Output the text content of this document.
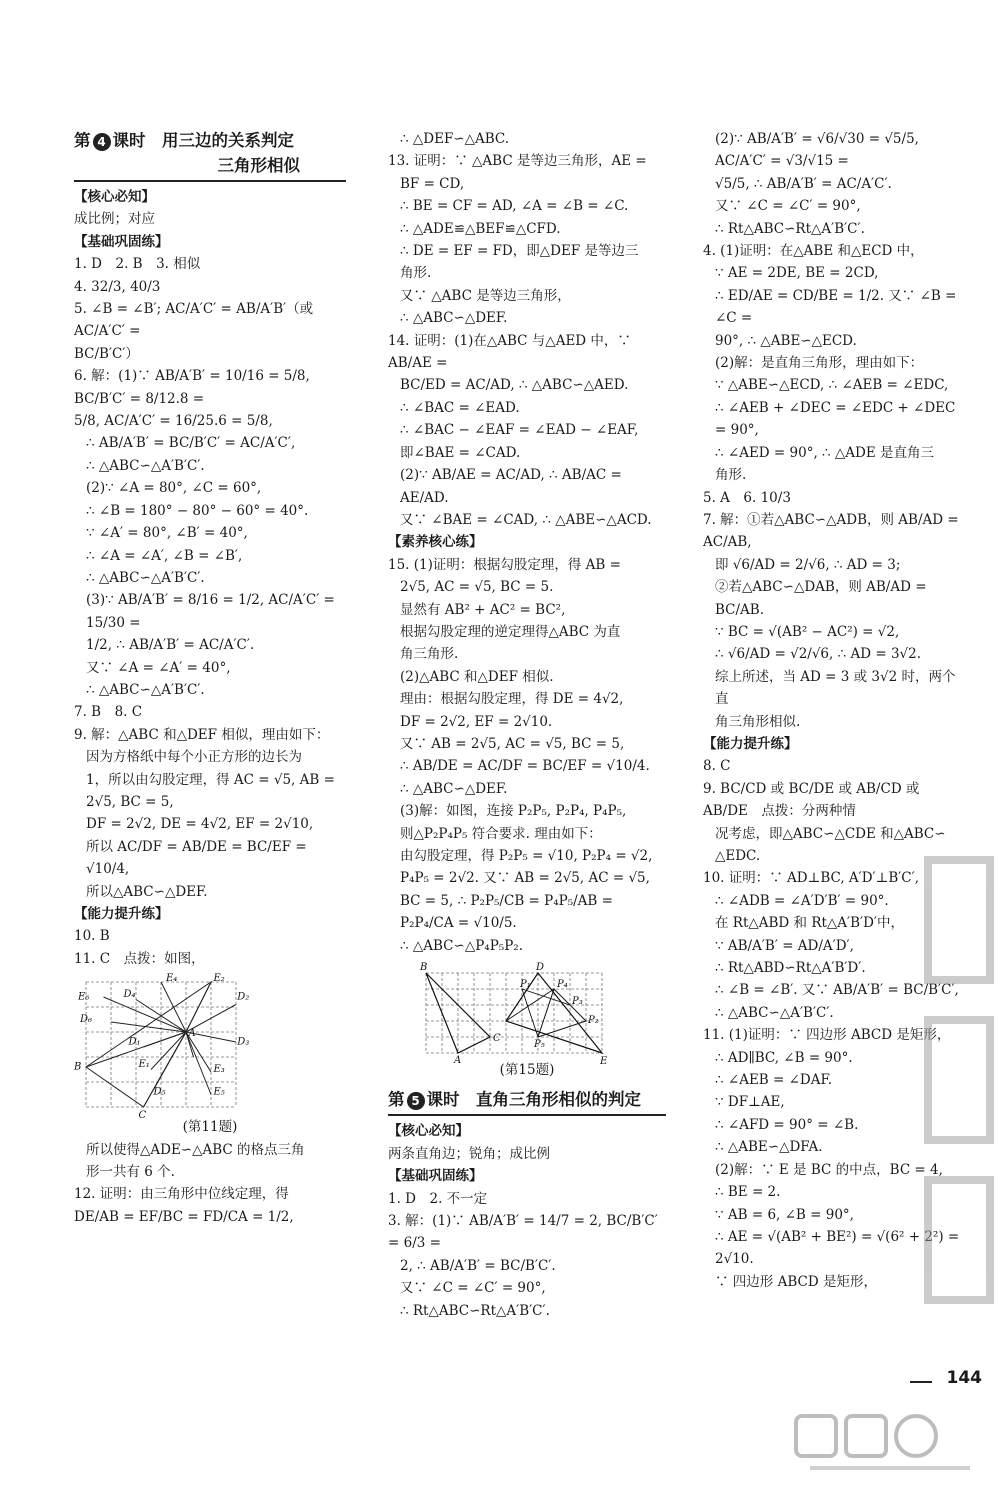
第 4 课时　用三边的关系判定
三角形相似
【核心必知】
成比例；对应
【基础巩固练】
1. D　2. B　3. 相似
4. 32/3, 40/3
5. ∠B = ∠B′; AC/A′C′ = AB/A′B′（或 AC/A′C′ =
BC/B′C′）
6. 解：(1)∵ AB/A′B′ = 10/16 = 5/8, BC/B′C′ = 8/12.8 =
5/8, AC/A′C′ = 16/25.6 = 5/8,
∴ AB/A′B′ = BC/B′C′ = AC/A′C′,
∴ △ABC∽△A′B′C′.
(2)∵ ∠A = 80°, ∠C = 60°,
∴ ∠B = 180° − 80° − 60° = 40°.
∵ ∠A′ = 80°, ∠B′ = 40°,
∴ ∠A = ∠A′, ∠B = ∠B′,
∴ △ABC∽△A′B′C′.
(3)∵ AB/A′B′ = 8/16 = 1/2, AC/A′C′ = 15/30 =
1/2, ∴ AB/A′B′ = AC/A′C′.
又∵ ∠A = ∠A′ = 40°,
∴ △ABC∽△A′B′C′.
7. B　8. C
9. 解：△ABC 和△DEF 相似，理由如下：
因为方格纸中每个小正方形的边长为
1，所以由勾股定理，得 AC = √5, AB =
2√5, BC = 5,
DF = 2√2, DE = 4√2, EF = 2√10,
所以 AC/DF = AB/DE = BC/EF = √10/4,
所以△ABC∽△DEF.
【能力提升练】
10. B
11. C　点拨：如图，
E₄	E₂
E₆	D₄	D₂
D₆
D₁	D₃
B
A
E₁	E₃
D₅	E₅
C
(第11题)
所以使得△ADE∽△ABC 的格点三角
形一共有 6 个.
12. 证明：由三角形中位线定理，得
DE/AB = EF/BC = FD/CA = 1/2,
∴ △DEF∽△ABC.
13. 证明：∵ △ABC 是等边三角形，AE =
BF = CD,
∴ BE = CF = AD, ∠A = ∠B = ∠C.
∴ △ADE≌△BEF≌△CFD.
∴ DE = EF = FD，即△DEF 是等边三
角形.
又∵ △ABC 是等边三角形，
∴ △ABC∽△DEF.
14. 证明：(1)在△ABC 与△AED 中，∵ AB/AE =
BC/ED = AC/AD, ∴ △ABC∽△AED.
∴ ∠BAC = ∠EAD.
∴ ∠BAC − ∠EAF = ∠EAD − ∠EAF,
即∠BAE = ∠CAD.
(2)∵ AB/AE = AC/AD, ∴ AB/AC = AE/AD.
又∵ ∠BAE = ∠CAD, ∴ △ABE∽△ACD.
【素养核心练】
15. (1)证明：根据勾股定理，得 AB =
2√5, AC = √5, BC = 5.
显然有 AB² + AC² = BC²,
根据勾股定理的逆定理得△ABC 为直
角三角形.
(2)△ABC 和△DEF 相似.
理由：根据勾股定理，得 DE = 4√2,
DF = 2√2, EF = 2√10.
又∵ AB = 2√5, AC = √5, BC = 5,
∴ AB/DE = AC/DF = BC/EF = √10/4.
∴ △ABC∽△DEF.
(3)解：如图，连接 P₂P₅, P₂P₄, P₄P₅,
则△P₂P₄P₅ 符合要求. 理由如下：
由勾股定理，得 P₂P₅ = √10, P₂P₄ = √2,
P₄P₅ = 2√2. 又∵ AB = 2√5, AC = √5,
BC = 5, ∴ P₂P₅/CB = P₄P₅/AB = P₂P₄/CA = √10/5.
∴ △ABC∽△P₄P₅P₂.
B	D
P₁
P₂
P₃
P₄
P₅
C
A	E
(第15题)
第 5 课时　直角三角形相似的判定
【核心必知】
两条直角边；锐角；成比例
【基础巩固练】
1. D　2. 不一定
3. 解：(1)∵ AB/A′B′ = 14/7 = 2, BC/B′C′ = 6/3 =
2, ∴ AB/A′B′ = BC/B′C′.
又∵ ∠C = ∠C′ = 90°,
∴ Rt△ABC∽Rt△A′B′C′.
(2)∵ AB/A′B′ = √6/√30 = √5/5, AC/A′C′ = √3/√15 =
√5/5, ∴ AB/A′B′ = AC/A′C′.
又∵ ∠C = ∠C′ = 90°,
∴ Rt△ABC∽Rt△A′B′C′.
4. (1)证明：在△ABE 和△ECD 中，
∵ AE = 2DE, BE = 2CD,
∴ ED/AE = CD/BE = 1/2. 又∵ ∠B = ∠C =
90°, ∴ △ABE∽△ECD.
(2)解：是直角三角形，理由如下：
∵ △ABE∽△ECD, ∴ ∠AEB = ∠EDC,
∴ ∠AEB + ∠DEC = ∠EDC + ∠DEC = 90°,
∴ ∠AED = 90°, ∴ △ADE 是直角三
角形.
5. A　6. 10/3
7. 解：①若△ABC∽△ADB，则 AB/AD = AC/AB,
即 √6/AD = 2/√6, ∴ AD = 3;
②若△ABC∽△DAB，则 AB/AD = BC/AB.
∵ BC = √(AB² − AC²) = √2,
∴ √6/AD = √2/√6, ∴ AD = 3√2.
综上所述，当 AD = 3 或 3√2 时，两个直
角三角形相似.
【能力提升练】
8. C
9. BC/CD 或 BC/DE 或 AB/CD 或 AB/DE　点拨：分两种情
况考虑，即△ABC∽△CDE 和△ABC∽
△EDC.
10. 证明：∵ AD⊥BC, A′D′⊥B′C′,
∴ ∠ADB = ∠A′D′B′ = 90°.
在 Rt△ABD 和 Rt△A′B′D′中，
∵ AB/A′B′ = AD/A′D′,
∴ Rt△ABD∽Rt△A′B′D′.
∴ ∠B = ∠B′. 又∵ AB/A′B′ = BC/B′C′,
∴ △ABC∽△A′B′C′.
11. (1)证明：∵ 四边形 ABCD 是矩形，
∴ AD∥BC, ∠B = 90°.
∴ ∠AEB = ∠DAF.
∵ DF⊥AE,
∴ ∠AFD = 90° = ∠B.
∴ △ABE∽△DFA.
(2)解：∵ E 是 BC 的中点，BC = 4,
∴ BE = 2.
∵ AB = 6, ∠B = 90°,
∴ AE = √(AB² + BE²) = √(6² + 2²) =
2√10.
∵ 四边形 ABCD 是矩形，
144
